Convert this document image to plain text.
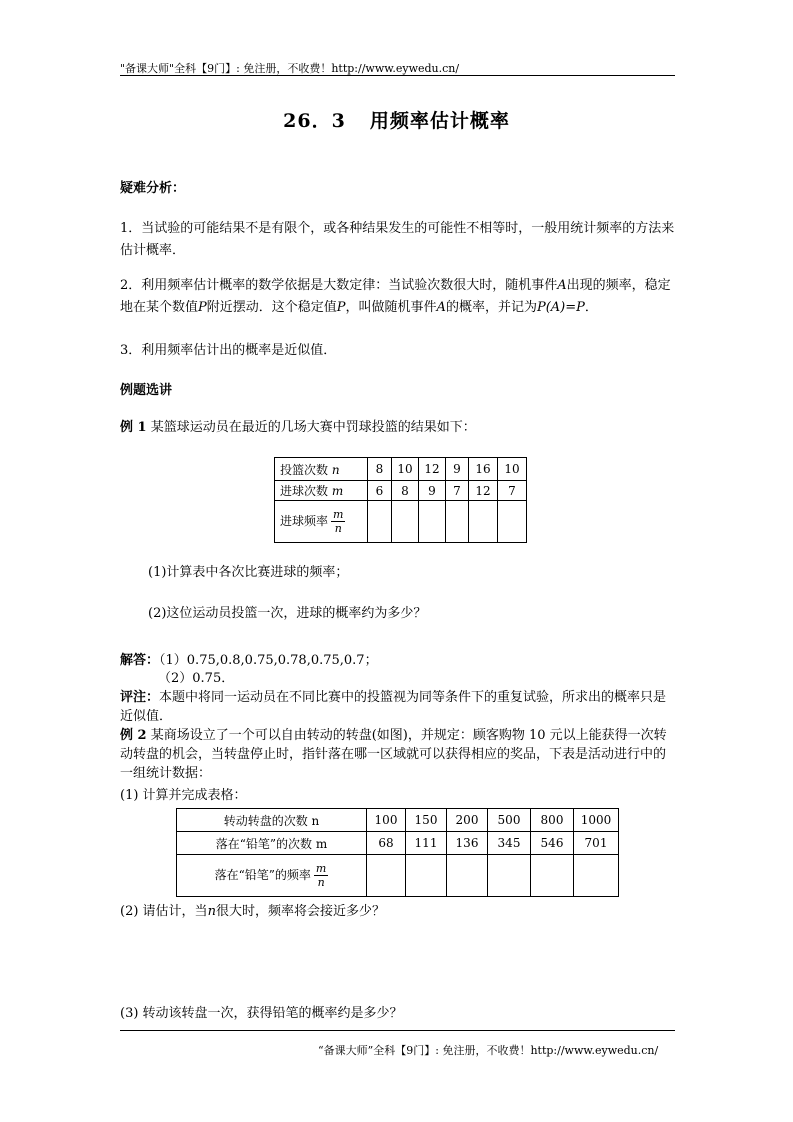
"备课大师"全科【9门】: 免注册，不收费！http://www.eywedu.cn/
26．3 用频率估计概率
疑难分析：
1．当试验的可能结果不是有限个，或各种结果发生的可能性不相等时，一般用统计频率的方法来估计概率．
2．利用频率估计概率的数学依据是大数定律：当试验次数很大时，随机事件A出现的频率，稳定地在某个数值P附近摆动．这个稳定值P，叫做随机事件A的概率，并记为P(A)=P．
3．利用频率估计出的概率是近似值．
例题选讲
例 1 某篮球运动员在最近的几场大赛中罚球投篮的结果如下：
投篮次数 n	8	10	12	9	16	10
进球次数 m	6	8	9	7	12	7
进球频率 $\frac{m}{n}$

(1)计算表中各次比赛进球的频率；
(2)这位运动员投篮一次，进球的概率约为多少？
解答：（1）0.75,0.8,0.75,0.78,0.75,0.7；
（2）0.75．
评注：本题中将同一运动员在不同比赛中的投篮视为同等条件下的重复试验，所求出的概率只是近似值．
例 2 某商场设立了一个可以自由转动的转盘(如图)，并规定：顾客购物 10 元以上能获得一次转动转盘的机会，当转盘停止时，指针落在哪一区域就可以获得相应的奖品，下表是活动进行中的一组统计数据：
(1) 计算并完成表格：
转动转盘的次数 n	100	150	200	500	800	1000
落在“铅笔”的次数 m	68	111	136	345	546	701
落在“铅笔”的频率 $\frac{m}{n}$

(2) 请估计，当n很大时，频率将会接近多少？
(3) 转动该转盘一次，获得铅笔的概率约是多少？
“备课大师”全科【9门】: 免注册，不收费！http://www.eywedu.cn/
